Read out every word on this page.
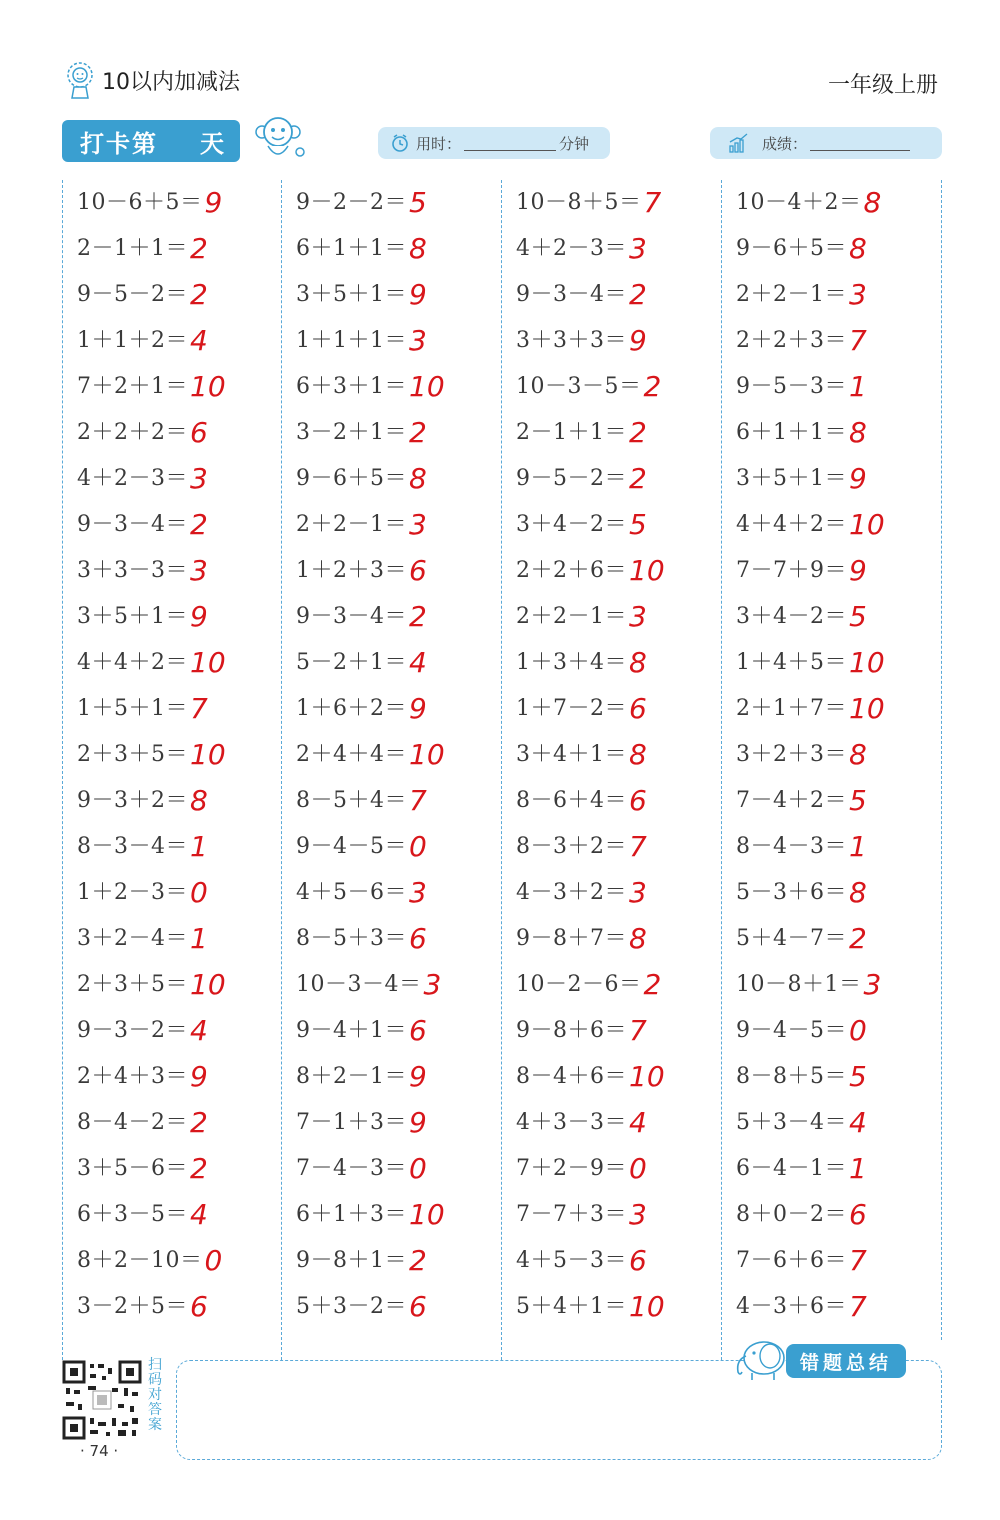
10以内加减法	一年级上册
打卡第 天	用时：	分钟	成绩：
10－6＋5＝ 9
2－1＋1＝ 2
9－5－2＝ 2
1＋1＋2＝ 4
7＋2＋1＝ 10
2＋2＋2＝ 6
4＋2－3＝ 3
9－3－4＝ 2
3＋3－3＝ 3
3＋5＋1＝ 9
4＋4＋2＝ 10
1＋5＋1＝ 7
2＋3＋5＝ 10
9－3＋2＝ 8
8－3－4＝ 1
1＋2－3＝ 0
3＋2－4＝ 1
2＋3＋5＝ 10
9－3－2＝ 4
2＋4＋3＝ 9
8－4－2＝ 2
3＋5－6＝ 2
6＋3－5＝ 4
8＋2－10＝ 0
3－2＋5＝ 6
9－2－2＝ 5
6＋1＋1＝ 8
3＋5＋1＝ 9
1＋1＋1＝ 3
6＋3＋1＝ 10
3－2＋1＝ 2
9－6＋5＝ 8
2＋2－1＝ 3
1＋2＋3＝ 6
9－3－4＝ 2
5－2＋1＝ 4
1＋6＋2＝ 9
2＋4＋4＝ 10
8－5＋4＝ 7
9－4－5＝ 0
4＋5－6＝ 3
8－5＋3＝ 6
10－3－4＝ 3
9－4＋1＝ 6
8＋2－1＝ 9
7－1＋3＝ 9
7－4－3＝ 0
6＋1＋3＝ 10
9－8＋1＝ 2
5＋3－2＝ 6
10－8＋5＝ 7
4＋2－3＝ 3
9－3－4＝ 2
3＋3＋3＝ 9
10－3－5＝ 2
2－1＋1＝ 2
9－5－2＝ 2
3＋4－2＝ 5
2＋2＋6＝ 10
2＋2－1＝ 3
1＋3＋4＝ 8
1＋7－2＝ 6
3＋4＋1＝ 8
8－6＋4＝ 6
8－3＋2＝ 7
4－3＋2＝ 3
9－8＋7＝ 8
10－2－6＝ 2
9－8＋6＝ 7
8－4＋6＝ 10
4＋3－3＝ 4
7＋2－9＝ 0
7－7＋3＝ 3
4＋5－3＝ 6
5＋4＋1＝ 10
10－4＋2＝ 8
9－6＋5＝ 8
2＋2－1＝ 3
2＋2＋3＝ 7
9－5－3＝ 1
6＋1＋1＝ 8
3＋5＋1＝ 9
4＋4＋2＝ 10
7－7＋9＝ 9
3＋4－2＝ 5
1＋4＋5＝ 10
2＋1＋7＝ 10
3＋2＋3＝ 8
7－4＋2＝ 5
8－4－3＝ 1
5－3＋6＝ 8
5＋4－7＝ 2
10－8＋1＝ 3
9－4－5＝ 0
8－8＋5＝ 5
5＋3－4＝ 4
6－4－1＝ 1
8＋0－2＝ 6
7－6＋6＝ 7
4－3＋6＝ 7
扫
码
对
答
案
· 74 ·
错题总结
